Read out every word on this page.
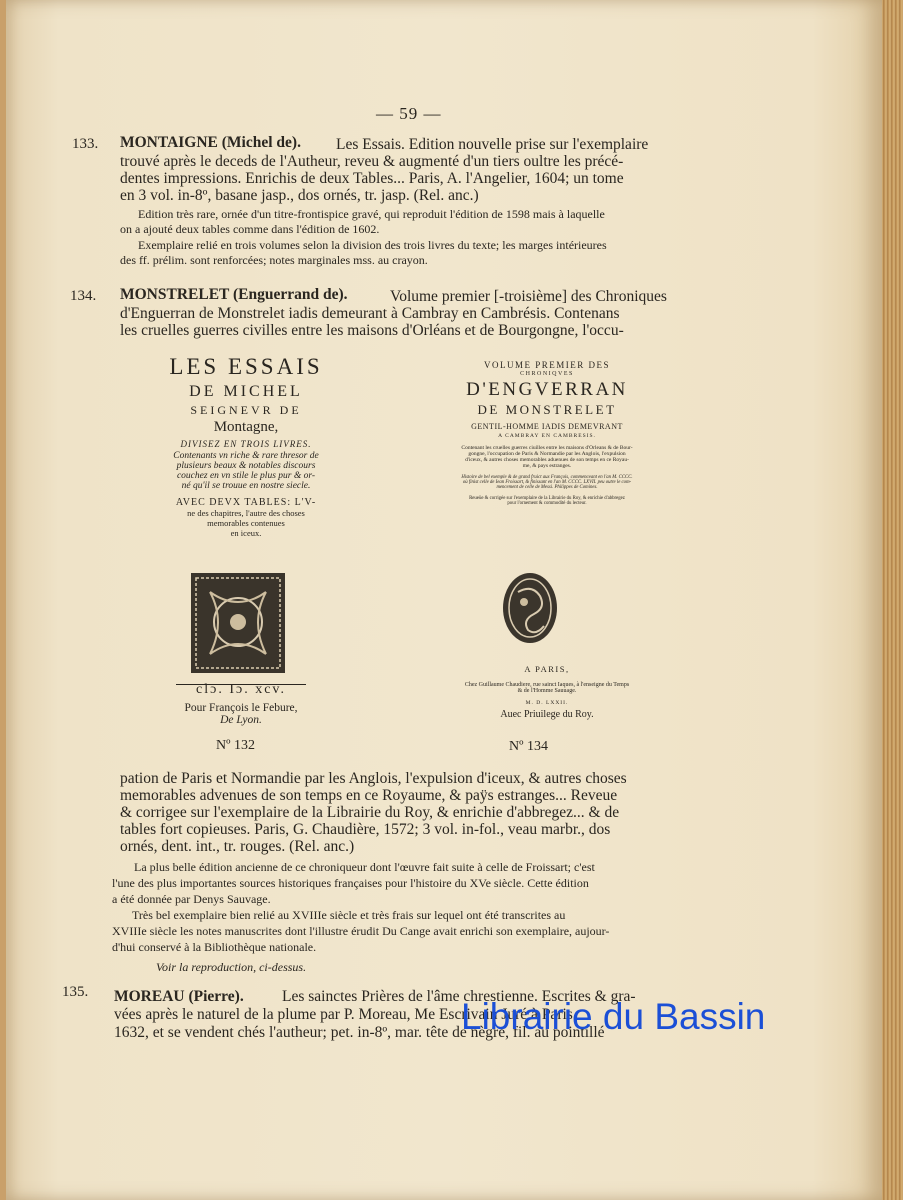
— 59 —
133. MONTAIGNE (Michel de). Les Essais. Edition nouvelle prise sur l'exemplaire
trouvé après le deceds de l'Autheur, reveu & augmenté d'un tiers oultre les précé-
dentes impressions. Enrichis de deux Tables... Paris, A. l'Angelier, 1604; un tome
en 3 vol. in-8º, basane jasp., dos ornés, tr. jasp. (Rel. anc.)
Edition très rare, ornée d'un titre-frontispice gravé, qui reproduit l'édition de 1598 mais à laquelle
on a ajouté deux tables comme dans l'édition de 1602.
Exemplaire relié en trois volumes selon la division des trois livres du texte; les marges intérieures
des ff. prélim. sont renforcées; notes marginales mss. au crayon.
134. MONSTRELET (Enguerrand de).	Volume premier [-troisième] des Chroniques
d'Enguerran de Monstrelet iadis demeurant à Cambray en Cambrésis. Contenans
les cruelles guerres civilles entre les maisons d'Orléans et de Bourgongne, l'occu-
LES ESSAIS
DE MICHEL
SEIGNEVR DE
Montagne,
DIVISEZ EN TROIS LIVRES.
Contenants vn riche & rare thresor de
plusieurs beaux & notables discours
couchez en vn stile le plus pur & or-
né qu'il se trouue en nostre siecle.
AVEC DEVX TABLES: L'V-
ne des chapitres, l'autre des choses
memorables contenues
en iceux.
clɔ. Iɔ. xcv.
Pour François le Febure,
De Lyon.
Nº 132
VOLUME PREMIER DES
CHRONIQVES
D'ENGVERRAN
DE MONSTRELET
GENTIL-HOMME IADIS DEMEVRANT
A CAMBRAY EN CAMBRESIS.
Contenant les cruelles guerres ciuilles entre les maisons d'Orleans & de Bour-
gongne, l'occupation de Paris & Normandie par les Anglois, l'expulsion
d'iceux, & autres choses memorables aduenues de son temps en ce Royau-
me, & pays estranges.
Histoire de bel exemple & de grand fruict aux François, commenceant en l'an M. CCCC.
où finist celle de Iean Froissart, & finissant en l'an M. CCCC. LXVII. peu outre le com-
mencement de celle de Messi. Philippes de Comines.
Reueüe & corrigée sur l'exemplaire de la Librairie du Roy, & enrichie d'abbregez
pour l'ornement & commodité du lecteur.
A PARIS,
Chez Guillaume Chaudiere, rue sainct Iaques, à l'enseigne du Temps
& de l'Homme Sauuage.
M. D. LXXII.
Auec Priuilege du Roy.
Nº 134
pation de Paris et Normandie par les Anglois, l'expulsion d'iceux, & autres choses
memorables advenues de son temps en ce Royaume, & paÿs estranges... Reveue
& corrigee sur l'exemplaire de la Librairie du Roy, & enrichie d'abbregez... & de
tables fort copieuses. Paris, G. Chaudière, 1572; 3 vol. in-fol., veau marbr., dos
ornés, dent. int., tr. rouges. (Rel. anc.)
La plus belle édition ancienne de ce chroniqueur dont l'œuvre fait suite à celle de Froissart; c'est
l'une des plus importantes sources historiques françaises pour l'histoire du XVe siècle. Cette édition
a été donnée par Denys Sauvage.
Très bel exemplaire bien relié au XVIIIe siècle et très frais sur lequel ont été transcrites au
XVIIIe siècle les notes manuscrites dont l'illustre érudit Du Cange avait enrichi son exemplaire, aujour-
d'hui conservé à la Bibliothèque nationale.
Voir la reproduction, ci-dessus.
135. MOREAU (Pierre). Les sainctes Prières de l'âme chrestienne. Escrites & gra-
vées après le naturel de la plume par P. Moreau, Me Escrivain Juré à Paris.
1632, et se vendent chés l'autheur; pet. in-8º, mar. tête de nègre, fil. au pointillé
Librairie du Bassin
